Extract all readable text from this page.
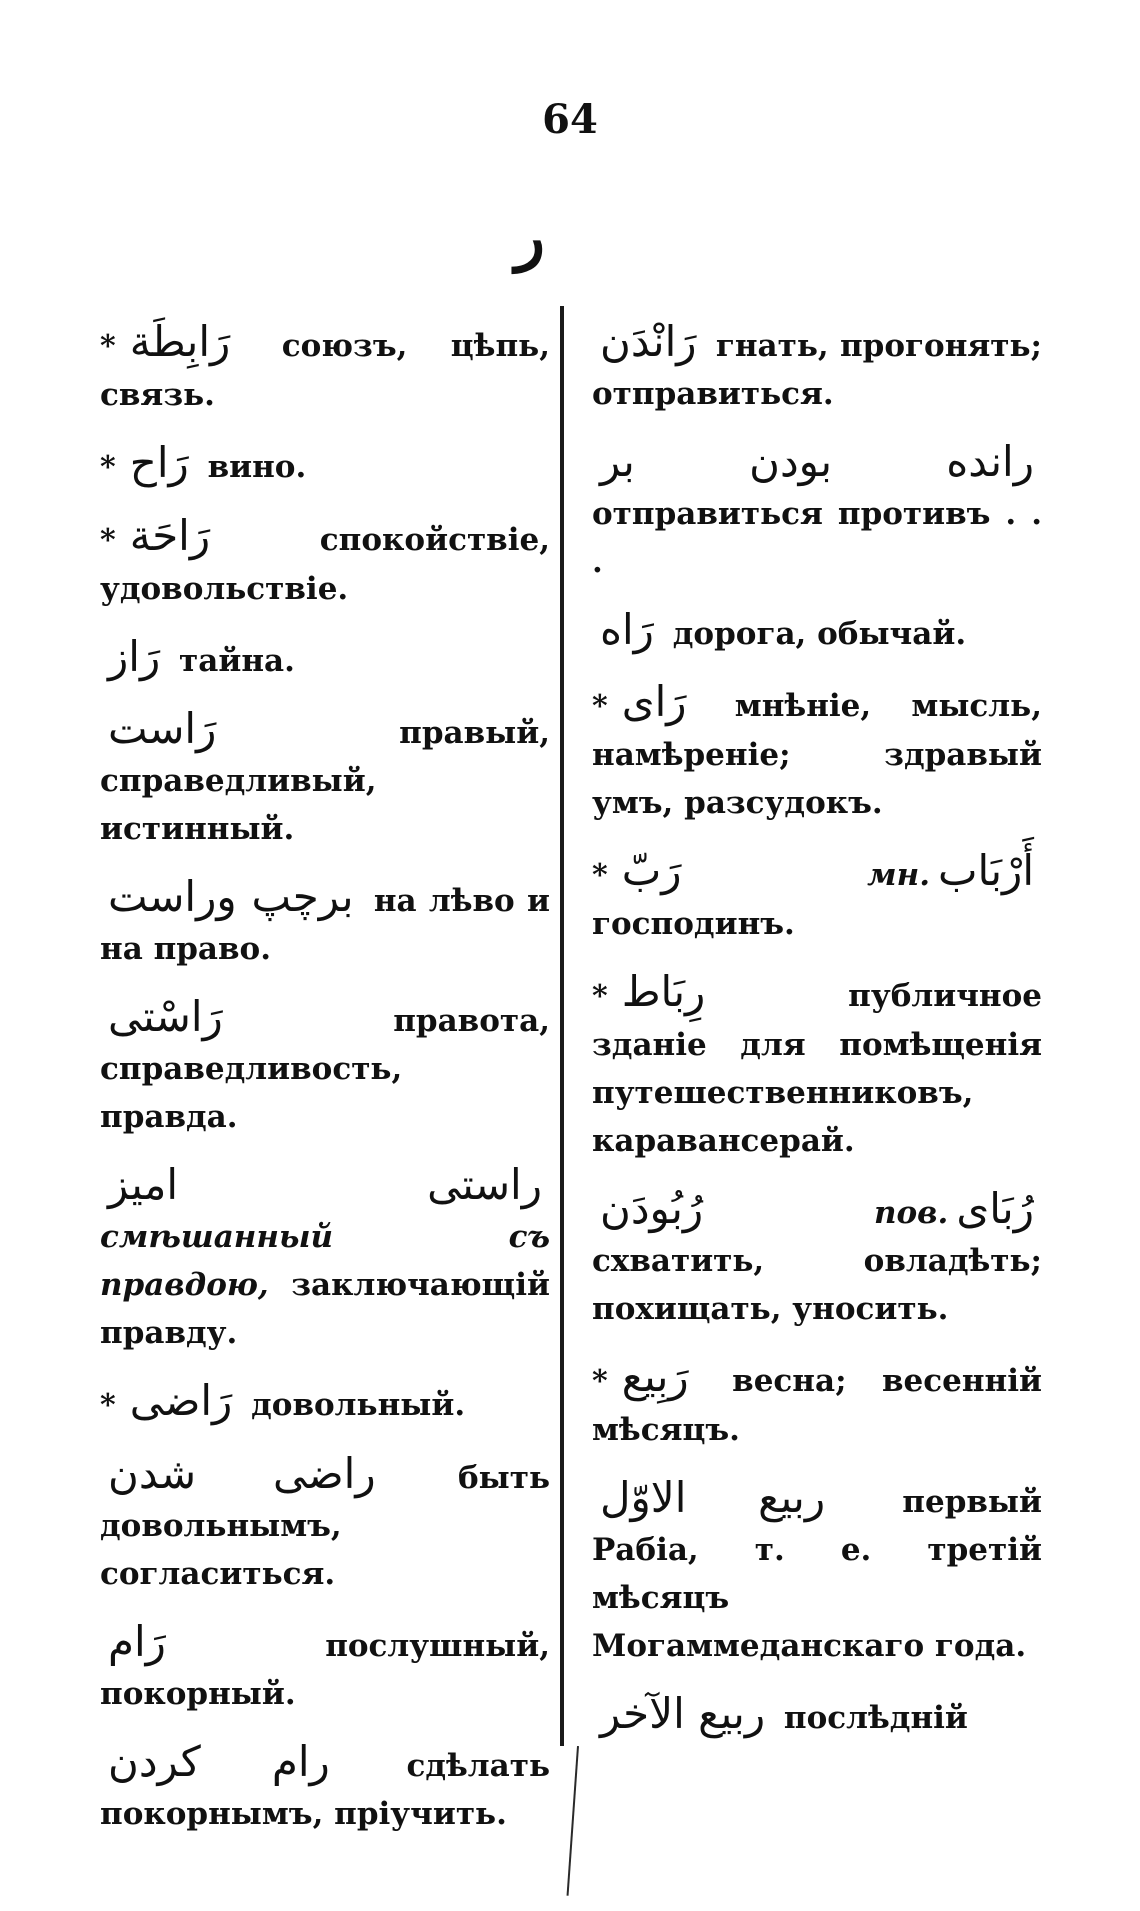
64
ر
* رَابِطَة союзъ, цѣпь, связь.
* رَاح вино.
* رَاحَة	спокойствіе, удовольствіе.
رَاز тайна.
رَاست	правый, справедливый, истинный.
برچپ وراست на лѣво и на право.
رَاسْتى	правота, справедливость, правда.
راستى اميز смѣшанный съ правдою, заключающій правду.
* رَاضى довольный.
راضى شدن	быть довольнымъ, согласиться.
رَام	послушный, покорный.
رام كردن сдѣлать покорнымъ, пріучить.
رَانْدَن гнать, прогонять; отправиться.
رانده بودن بر отправиться противъ . . .
رَاه дорога, обычай.
* رَاى мнѣніе, мысль, намѣреніе; здравый умъ, разсудокъ.
* رَبّ	мн. أَرْبَاب господинъ.
* رِبَاط	публичное зданіе для помѣщенія путешественниковъ, каравансерай.
رُبُودَن	пов. رُبَاى схватить, овладѣть; похищать, уносить.
* رَبِيع весна; весенній мѣсяцъ.
ربيع الاوّل первый Рабіа, т. е. третій мѣсяцъ Могаммеданскаго года.
ربيع الآخر послѣдній
